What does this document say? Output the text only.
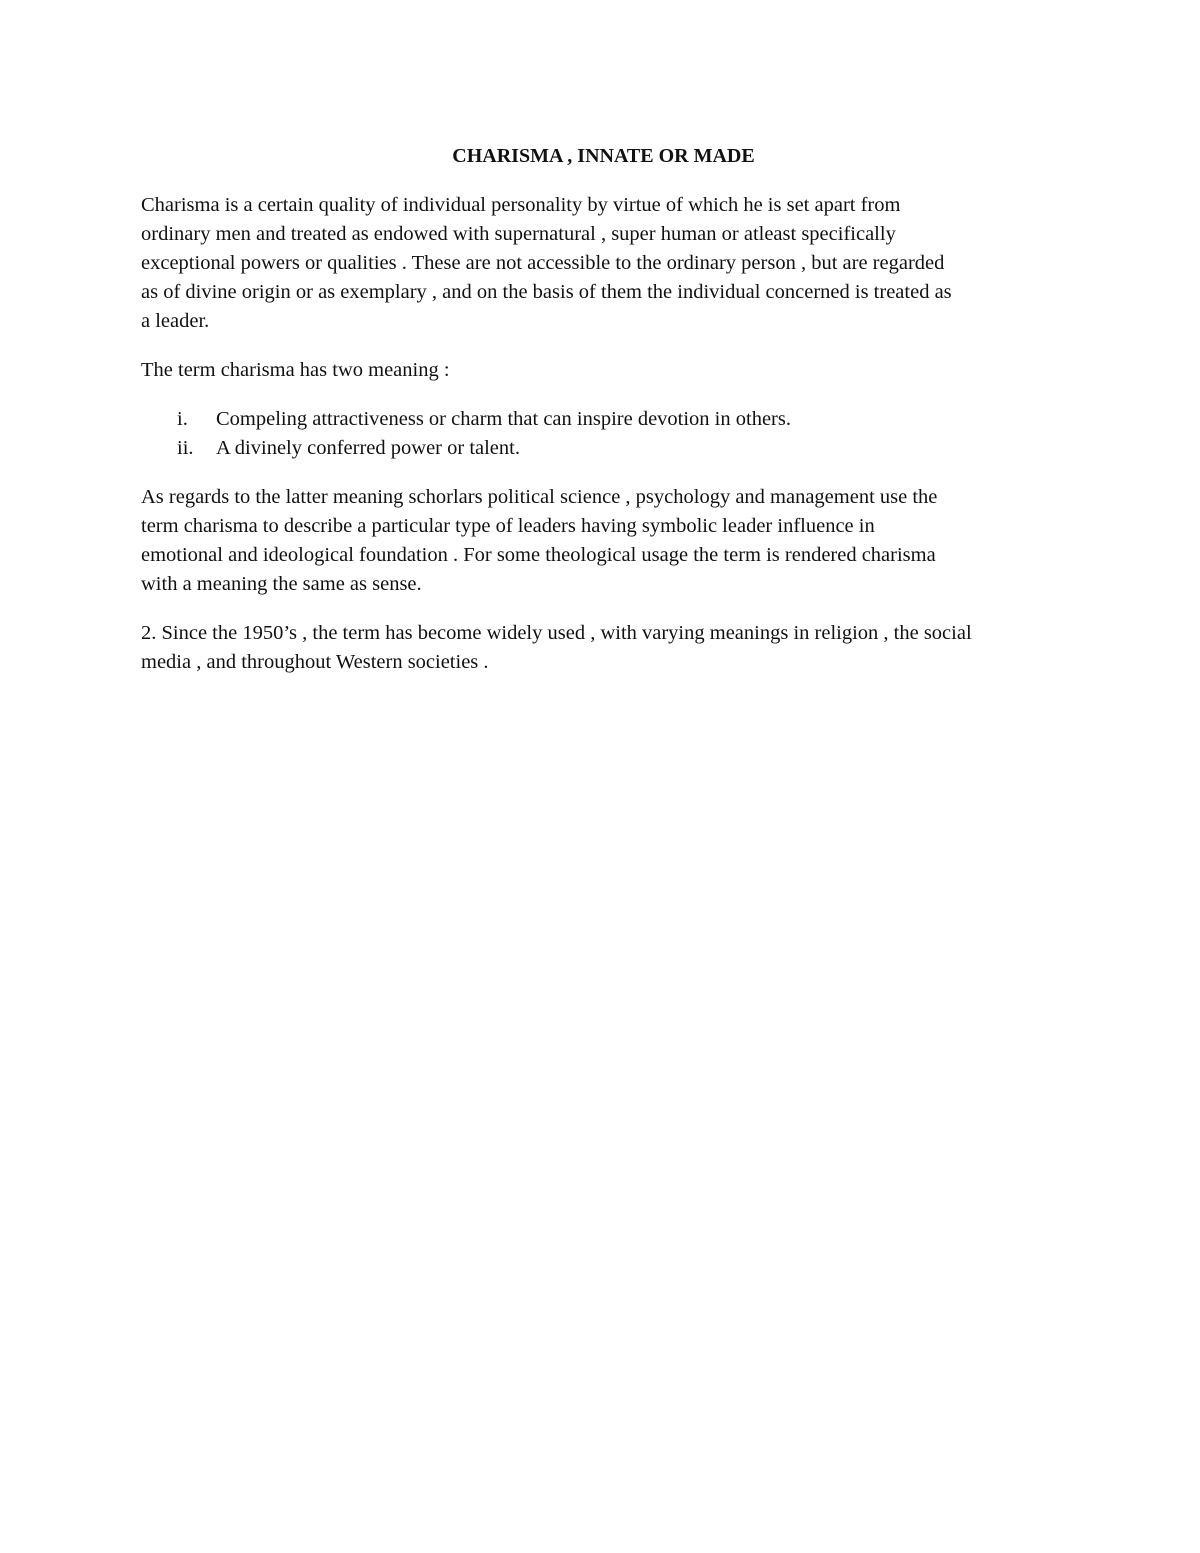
CHARISMA , INNATE OR MADE
Charisma is a certain quality of individual personality by virtue of which he is set apart from
ordinary men and treated as endowed with supernatural , super human or atleast specifically
exceptional powers or qualities . These are not accessible to the ordinary person , but are regarded
as of divine origin or as exemplary , and on the basis of them the individual concerned is treated as
a leader.
The term charisma has two meaning :
i. Compeling attractiveness or charm that can inspire devotion in others.
ii. A divinely conferred power or talent.
As regards to the latter meaning schorlars political science , psychology and management use the
term charisma to describe a particular type of leaders having symbolic leader influence in
emotional and ideological foundation . For some theological usage the term is rendered charisma
with a meaning the same as sense.
2. Since the 1950’s , the term has become widely used , with varying meanings in religion , the social
media , and throughout Western societies .
